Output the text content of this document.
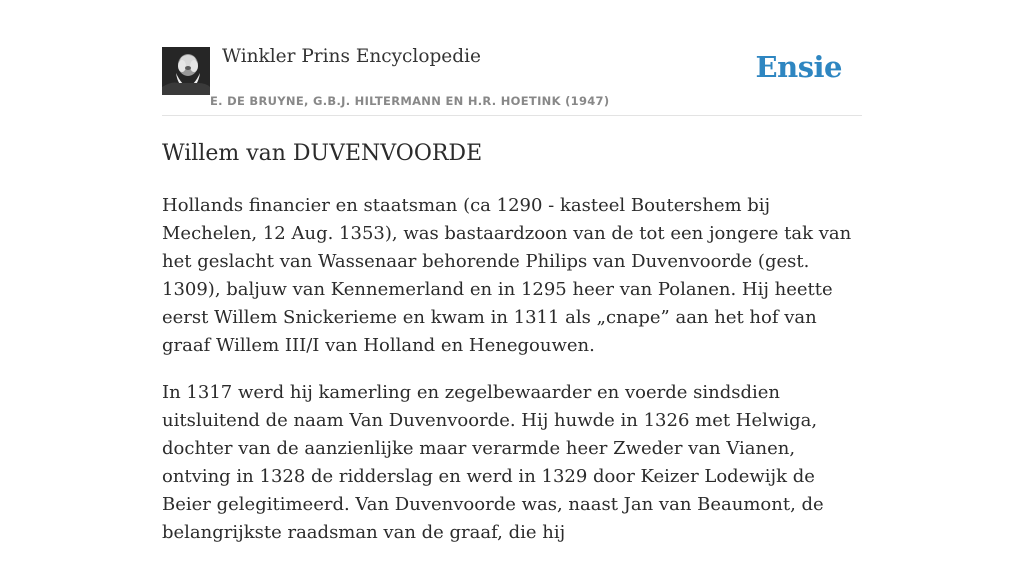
Winkler Prins Encyclopedie
E. DE BRUYNE, G.B.J. HILTERMANN EN H.R. HOETINK (1947)
Ensie
Willem van DUVENVOORDE

Hollands financier en staatsman (ca 1290 - kasteel Boutershem bij Mechelen, 12 Aug. 1353), was bastaardzoon van de tot een jongere tak van het geslacht van Wassenaar behorende Philips van Duvenvoorde (gest. 1309), baljuw van Kennemerland en in 1295 heer van Polanen. Hij heette eerst Willem Snickerieme en kwam in 1311 als „cnape” aan het hof van graaf Willem III/I van Holland en Henegouwen.

In 1317 werd hij kamerling en zegelbewaarder en voerde sindsdien uitsluitend de naam Van Duvenvoorde. Hij huwde in 1326 met Helwiga, dochter van de aanzienlijke maar verarmde heer Zweder van Vianen, ontving in 1328 de ridderslag en werd in 1329 door Keizer Lodewijk de Beier gelegitimeerd. Van Duvenvoorde was, naast Jan van Beaumont, de belangrijkste raadsman van de graaf, die hij
